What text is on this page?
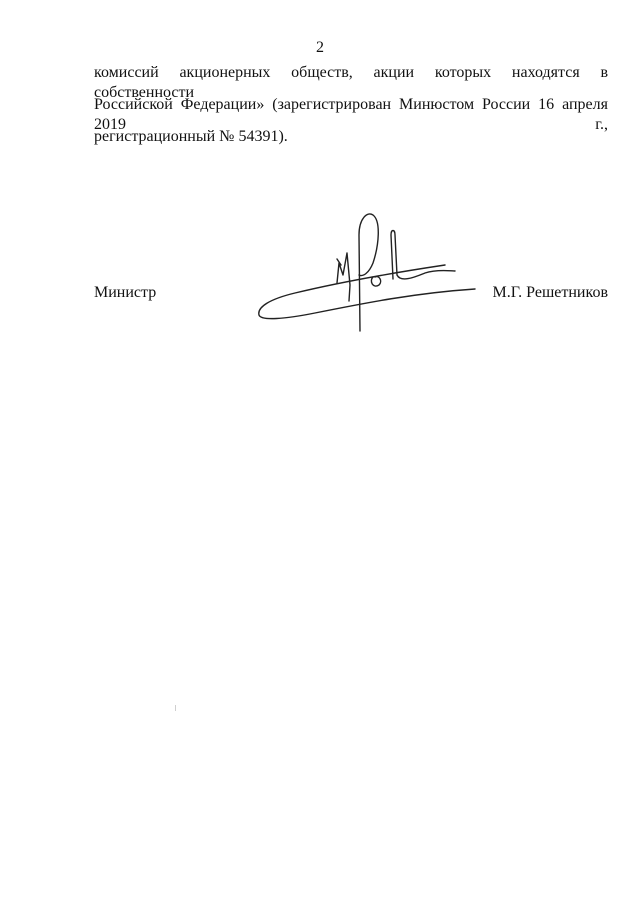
2

комиссий акционерных обществ, акции которых находятся в собственности

Российской Федерации» (зарегистрирован Минюстом России 16 апреля 2019 г.,

регистрационный № 54391).

Министр	М.Г. Решетников
